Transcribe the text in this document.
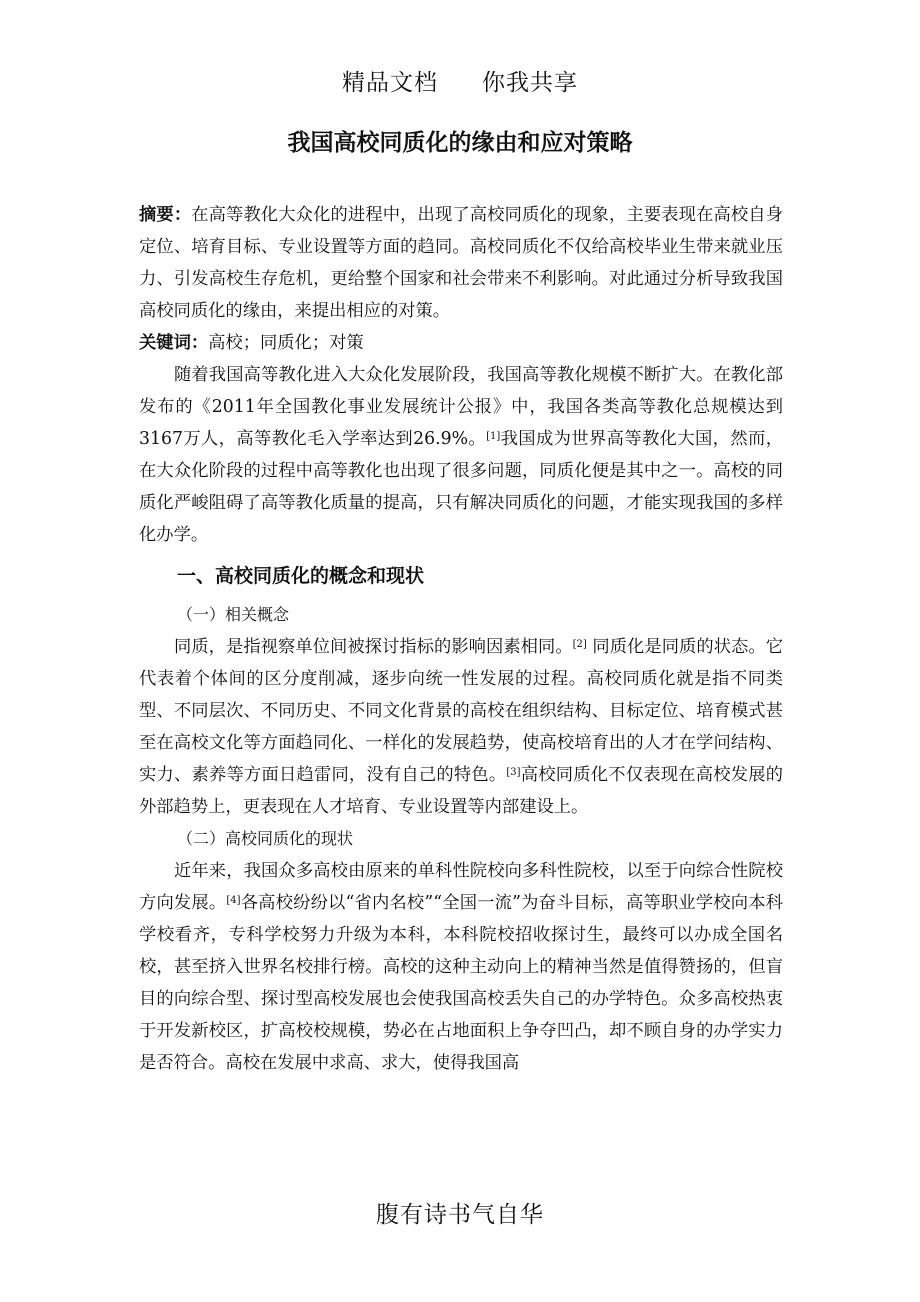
精品文档 你我共享
我国高校同质化的缘由和应对策略

摘要：在高等教化大众化的进程中，出现了高校同质化的现象，主要表现在高校自身定位、培育目标、专业设置等方面的趋同。高校同质化不仅给高校毕业生带来就业压力、引发高校生存危机，更给整个国家和社会带来不利影响。对此通过分析导致我国高校同质化的缘由，来提出相应的对策。

关键词：高校；同质化；对策

随着我国高等教化进入大众化发展阶段，我国高等教化规模不断扩大。在教化部发布的《2011年全国教化事业发展统计公报》中，我国各类高等教化总规模达到3167万人，高等教化毛入学率达到26.9%。[1]我国成为世界高等教化大国，然而，在大众化阶段的过程中高等教化也出现了很多问题，同质化便是其中之一。高校的同质化严峻阻碍了高等教化质量的提高，只有解决同质化的问题，才能实现我国的多样化办学。

一、高校同质化的概念和现状

（一）相关概念

同质，是指视察单位间被探讨指标的影响因素相同。[2] 同质化是同质的状态。它代表着个体间的区分度削减，逐步向统一性发展的过程。高校同质化就是指不同类型、不同层次、不同历史、不同文化背景的高校在组织结构、目标定位、培育模式甚至在高校文化等方面趋同化、一样化的发展趋势，使高校培育出的人才在学问结构、实力、素养等方面日趋雷同，没有自己的特色。[3]高校同质化不仅表现在高校发展的外部趋势上，更表现在人才培育、专业设置等内部建设上。

（二）高校同质化的现状

近年来，我国众多高校由原来的单科性院校向多科性院校，以至于向综合性院校方向发展。[4]各高校纷纷以“省内名校”“全国一流”为奋斗目标，高等职业学校向本科学校看齐，专科学校努力升级为本科，本科院校招收探讨生，最终可以办成全国名校，甚至挤入世界名校排行榜。高校的这种主动向上的精神当然是值得赞扬的，但盲目的向综合型、探讨型高校发展也会使我国高校丢失自己的办学特色。众多高校热衷于开发新校区，扩高校校规模，势必在占地面积上争夺凹凸，却不顾自身的办学实力是否符合。高校在发展中求高、求大，使得我国高

腹有诗书气自华
